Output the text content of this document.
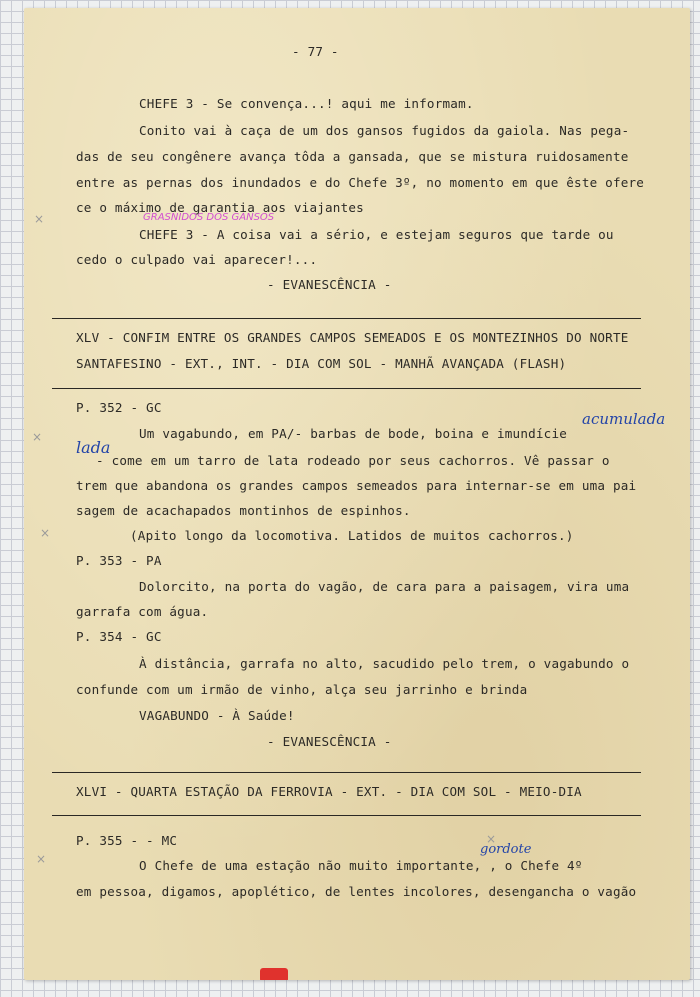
×
×
×
×
×
- 77 -
CHEFE 3 - Se convença...! aqui me informam.
Conito vai à caça de um dos gansos fugidos da gaiola. Nas pega-
das de seu congênere avança tôda a gansada, que se mistura ruidosamente
entre as pernas dos inundados e do Chefe 3º, no momento em que êste ofere
ce o máximo de garantia aos viajantes
GRASNIDOS DOS GANSOS
CHEFE 3 - A coisa vai a sério, e estejam seguros que tarde ou
cedo o culpado vai aparecer!...
- EVANESCÊNCIA -
XLV - CONFIM ENTRE OS GRANDES CAMPOS SEMEADOS E OS MONTEZINHOS DO NORTE
SANTAFESINO - EXT., INT. - DIA COM SOL - MANHÃ AVANÇADA (FLASH)
P. 352 - GC
Um vagabundo, em PA/- barbas de bode, boina e imundície
acumulada
lada
- come em um tarro de lata rodeado por seus cachorros. Vê passar o
trem que abandona os grandes campos semeados para internar-se em uma pai
sagem de acachapados montinhos de espinhos.
(Apito longo da locomotiva. Latidos de muitos cachorros.)
P. 353 - PA
Dolorcito, na porta do vagão, de cara para a paisagem, vira uma
garrafa com água.
P. 354 - GC
À distância, garrafa no alto, sacudido pelo trem, o vagabundo o
confunde com um irmão de vinho, alça seu jarrinho e brinda
VAGABUNDO - À Saúde!
- EVANESCÊNCIA -
XLVI - QUARTA ESTAÇÃO DA FERROVIA - EXT. - DIA COM SOL - MEIO-DIA
P. 355 - - MC
gordote
O Chefe de uma estação não muito importante, , o Chefe 4º
em pessoa, digamos, apoplético, de lentes incolores, desengancha o vagão
